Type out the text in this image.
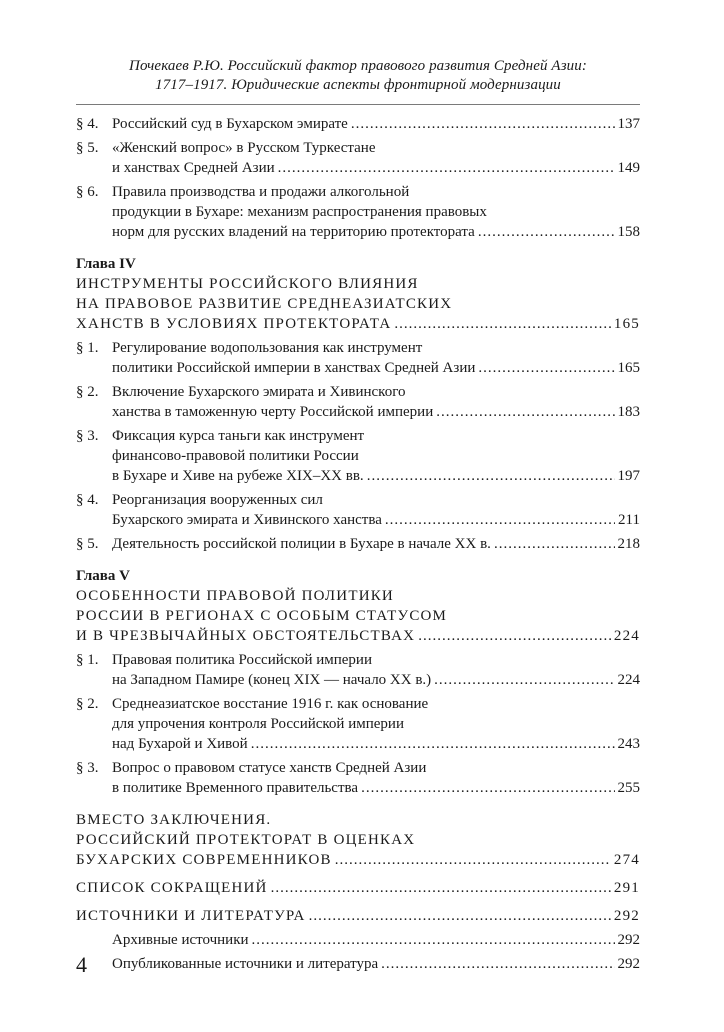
Почекаев Р.Ю. Российский фактор правового развития Средней Азии:
1717–1917. Юридические аспекты фронтирной модернизации
§ 4. Российский суд в Бухарском эмирате .....	137
§ 5. «Женский вопрос» в Русском Туркестане
и ханствах Средней Азии .....	149
§ 6. Правила производства и продажи алкогольной
продукции в Бухаре: механизм распространения правовых
норм для русских владений на территорию протектората .....	158
Глава IV
ИНСТРУМЕНТЫ РОССИЙСКОГО ВЛИЯНИЯ
НА ПРАВОВОЕ РАЗВИТИЕ СРЕДНЕАЗИАТСКИХ
ХАНСТВ В УСЛОВИЯХ ПРОТЕКТОРАТА .....	165
§ 1. Регулирование водопользования как инструмент
политики Российской империи в ханствах Средней Азии .....	165
§ 2. Включение Бухарского эмирата и Хивинского
ханства в таможенную черту Российской империи .....	183
§ 3. Фиксация курса таньги как инструмент
финансово-правовой политики России
в Бухаре и Хиве на рубеже XIX–XX вв. .....	197
§ 4. Реорганизация вооруженных сил
Бухарского эмирата и Хивинского ханства .....	211
§ 5. Деятельность российской полиции в Бухаре в начале XX в. .....	218
Глава V
ОСОБЕННОСТИ ПРАВОВОЙ ПОЛИТИКИ
РОССИИ В РЕГИОНАХ С ОСОБЫМ СТАТУСОМ
И В ЧРЕЗВЫЧАЙНЫХ ОБСТОЯТЕЛЬСТВАХ .....	224
§ 1. Правовая политика Российской империи
на Западном Памире (конец XIX — начало XX в.) .....	224
§ 2. Среднеазиатское восстание 1916 г. как основание
для упрочения контроля Российской империи
над Бухарой и Хивой .....	243
§ 3. Вопрос о правовом статусе ханств Средней Азии
в политике Временного правительства .....	255
ВМЕСТО ЗАКЛЮЧЕНИЯ.
РОССИЙСКИЙ ПРОТЕКТОРАТ В ОЦЕНКАХ
БУХАРСКИХ СОВРЕМЕННИКОВ .....	274
СПИСОК СОКРАЩЕНИЙ .....	291
ИСТОЧНИКИ И ЛИТЕРАТУРА .....	292
Архивные источники .....	292
Опубликованные источники и литература .....	292
4
